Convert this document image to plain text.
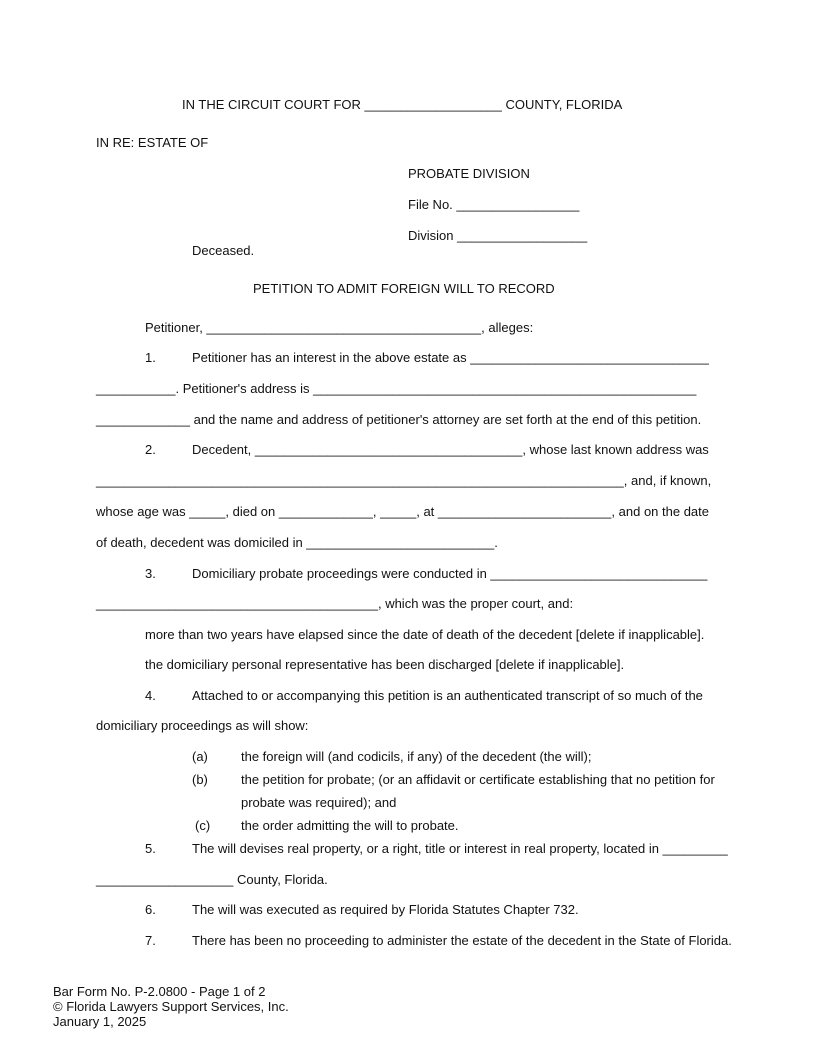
IN THE CIRCUIT COURT FOR ___________________ COUNTY, FLORIDA
IN RE: ESTATE OF
PROBATE DIVISION
File No. _________________
Division __________________
Deceased.
PETITION TO ADMIT FOREIGN WILL TO RECORD
Petitioner, ______________________________________, alleges:
1.	Petitioner has an interest in the above estate as _________________________________
___________. Petitioner's address is _____________________________________________________
_____________ and the name and address of petitioner's attorney are set forth at the end of this petition.
2.	Decedent, _____________________________________, whose last known address was
_________________________________________________________________________, and, if known,
whose age was _____, died on _____________, _____, at ________________________, and on the date
of death, decedent was domiciled in __________________________.
3.	Domiciliary probate proceedings were conducted in ______________________________
_______________________________________, which was the proper court, and:
more than two years have elapsed since the date of death of the decedent [delete if inapplicable].
the domiciliary personal representative has been discharged [delete if inapplicable].
4.	Attached to or accompanying this petition is an authenticated transcript of so much of the
domiciliary proceedings as will show:
(a)	the foreign will (and codicils, if any) of the decedent (the will);
(b)	the petition for probate; (or an affidavit or certificate establishing that no petition for
probate was required); and
(c) the order admitting the will to probate.
5.	The will devises real property, or a right, title or interest in real property, located in _________
___________________ County, Florida.
6.	The will was executed as required by Florida Statutes Chapter 732.
7.	There has been no proceeding to administer the estate of the decedent in the State of Florida.
Bar Form No. P-2.0800 - Page 1 of 2
© Florida Lawyers Support Services, Inc.
January 1, 2025
